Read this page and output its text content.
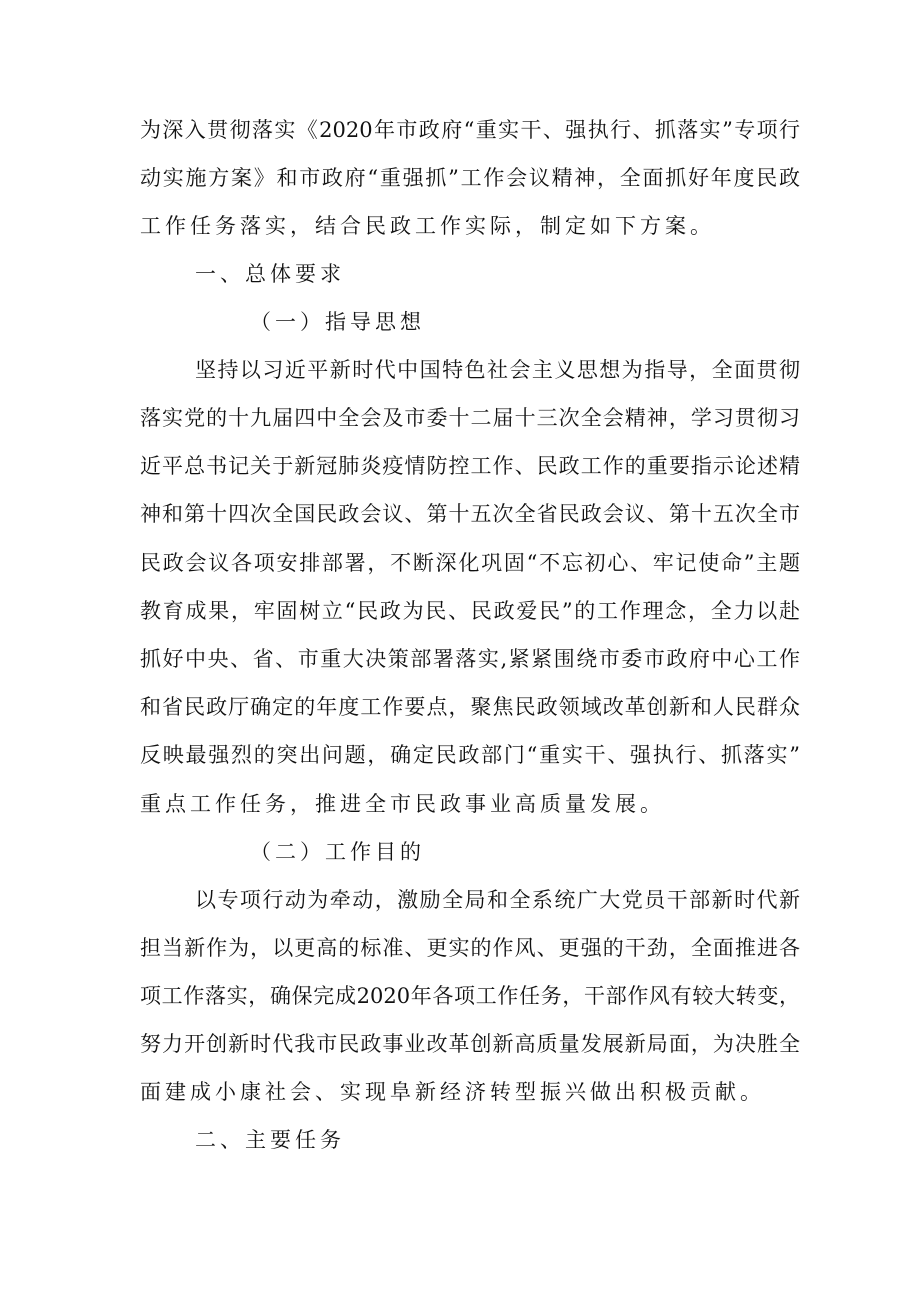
为深入贯彻落实《2020年市政府“重实干、强执行、抓落实”专项行
动实施方案》和市政府“重强抓”工作会议精神，全面抓好年度民政
工作任务落实，结合民政工作实际，制定如下方案。
一、总体要求
（一）指导思想
坚持以习近平新时代中国特色社会主义思想为指导，全面贯彻
落实党的十九届四中全会及市委十二届十三次全会精神，学习贯彻习
近平总书记关于新冠肺炎疫情防控工作、民政工作的重要指示论述精
神和第十四次全国民政会议、第十五次全省民政会议、第十五次全市
民政会议各项安排部署，不断深化巩固“不忘初心、牢记使命”主题
教育成果，牢固树立“民政为民、民政爱民”的工作理念，全力以赴
抓好中央、省、市重大决策部署落实,紧紧围绕市委市政府中心工作
和省民政厅确定的年度工作要点，聚焦民政领域改革创新和人民群众
反映最强烈的突出问题，确定民政部门“重实干、强执行、抓落实”
重点工作任务，推进全市民政事业高质量发展。
（二）工作目的
以专项行动为牵动，激励全局和全系统广大党员干部新时代新
担当新作为，以更高的标准、更实的作风、更强的干劲，全面推进各
项工作落实，确保完成2020年各项工作任务，干部作风有较大转变，
努力开创新时代我市民政事业改革创新高质量发展新局面，为决胜全
面建成小康社会、实现阜新经济转型振兴做出积极贡献。
二、主要任务
